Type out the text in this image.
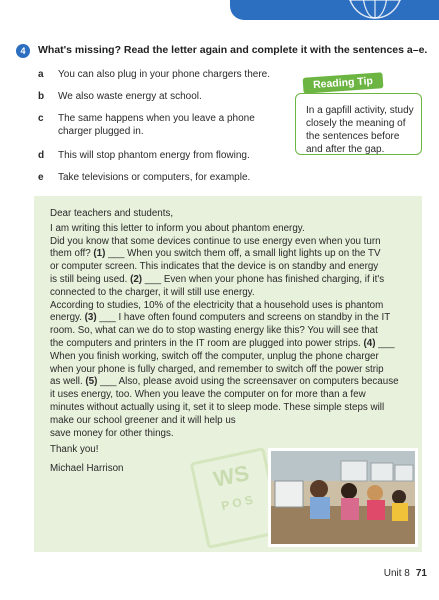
4	What's missing? Read the letter again and complete it with the sentences a–e.
a You can also plug in your phone chargers there.
b We also waste energy at school.
c The same happens when you leave a phone charger plugged in.
d This will stop phantom energy from flowing.
e Take televisions or computers, for example.
In a gapfill activity, study closely the meaning of the sentences before and after the gap.
Reading Tip
WS
P O S

Dear teachers and students,

I am writing this letter to inform you about phantom energy.
Did you know that some devices continue to use energy even when you turn
them off? (1) ___ When you switch them off, a small light lights up on the TV
or computer screen. This indicates that the device is on standby and energy
is still being used. (2) ___ Even when your phone has finished charging, if it's
connected to the charger, it will still use energy.
According to studies, 10% of the electricity that a household uses is phantom
energy. (3) ___ I have often found computers and screens on standby in the IT
room. So, what can we do to stop wasting energy like this? You will see that
the computers and printers in the IT room are plugged into power strips. (4) ___
When you finish working, switch off the computer, unplug the phone charger
when your phone is fully charged, and remember to switch off the power strip
as well. (5) ___ Also, please avoid using the screensaver on computers because
it uses energy, too. When you leave the computer on for more than a few
minutes without actually using it, set it to sleep mode. These simple steps will
make our school greener and it will help us
save money for other things.

Thank you!

Michael Harrison

Unit 8 71
